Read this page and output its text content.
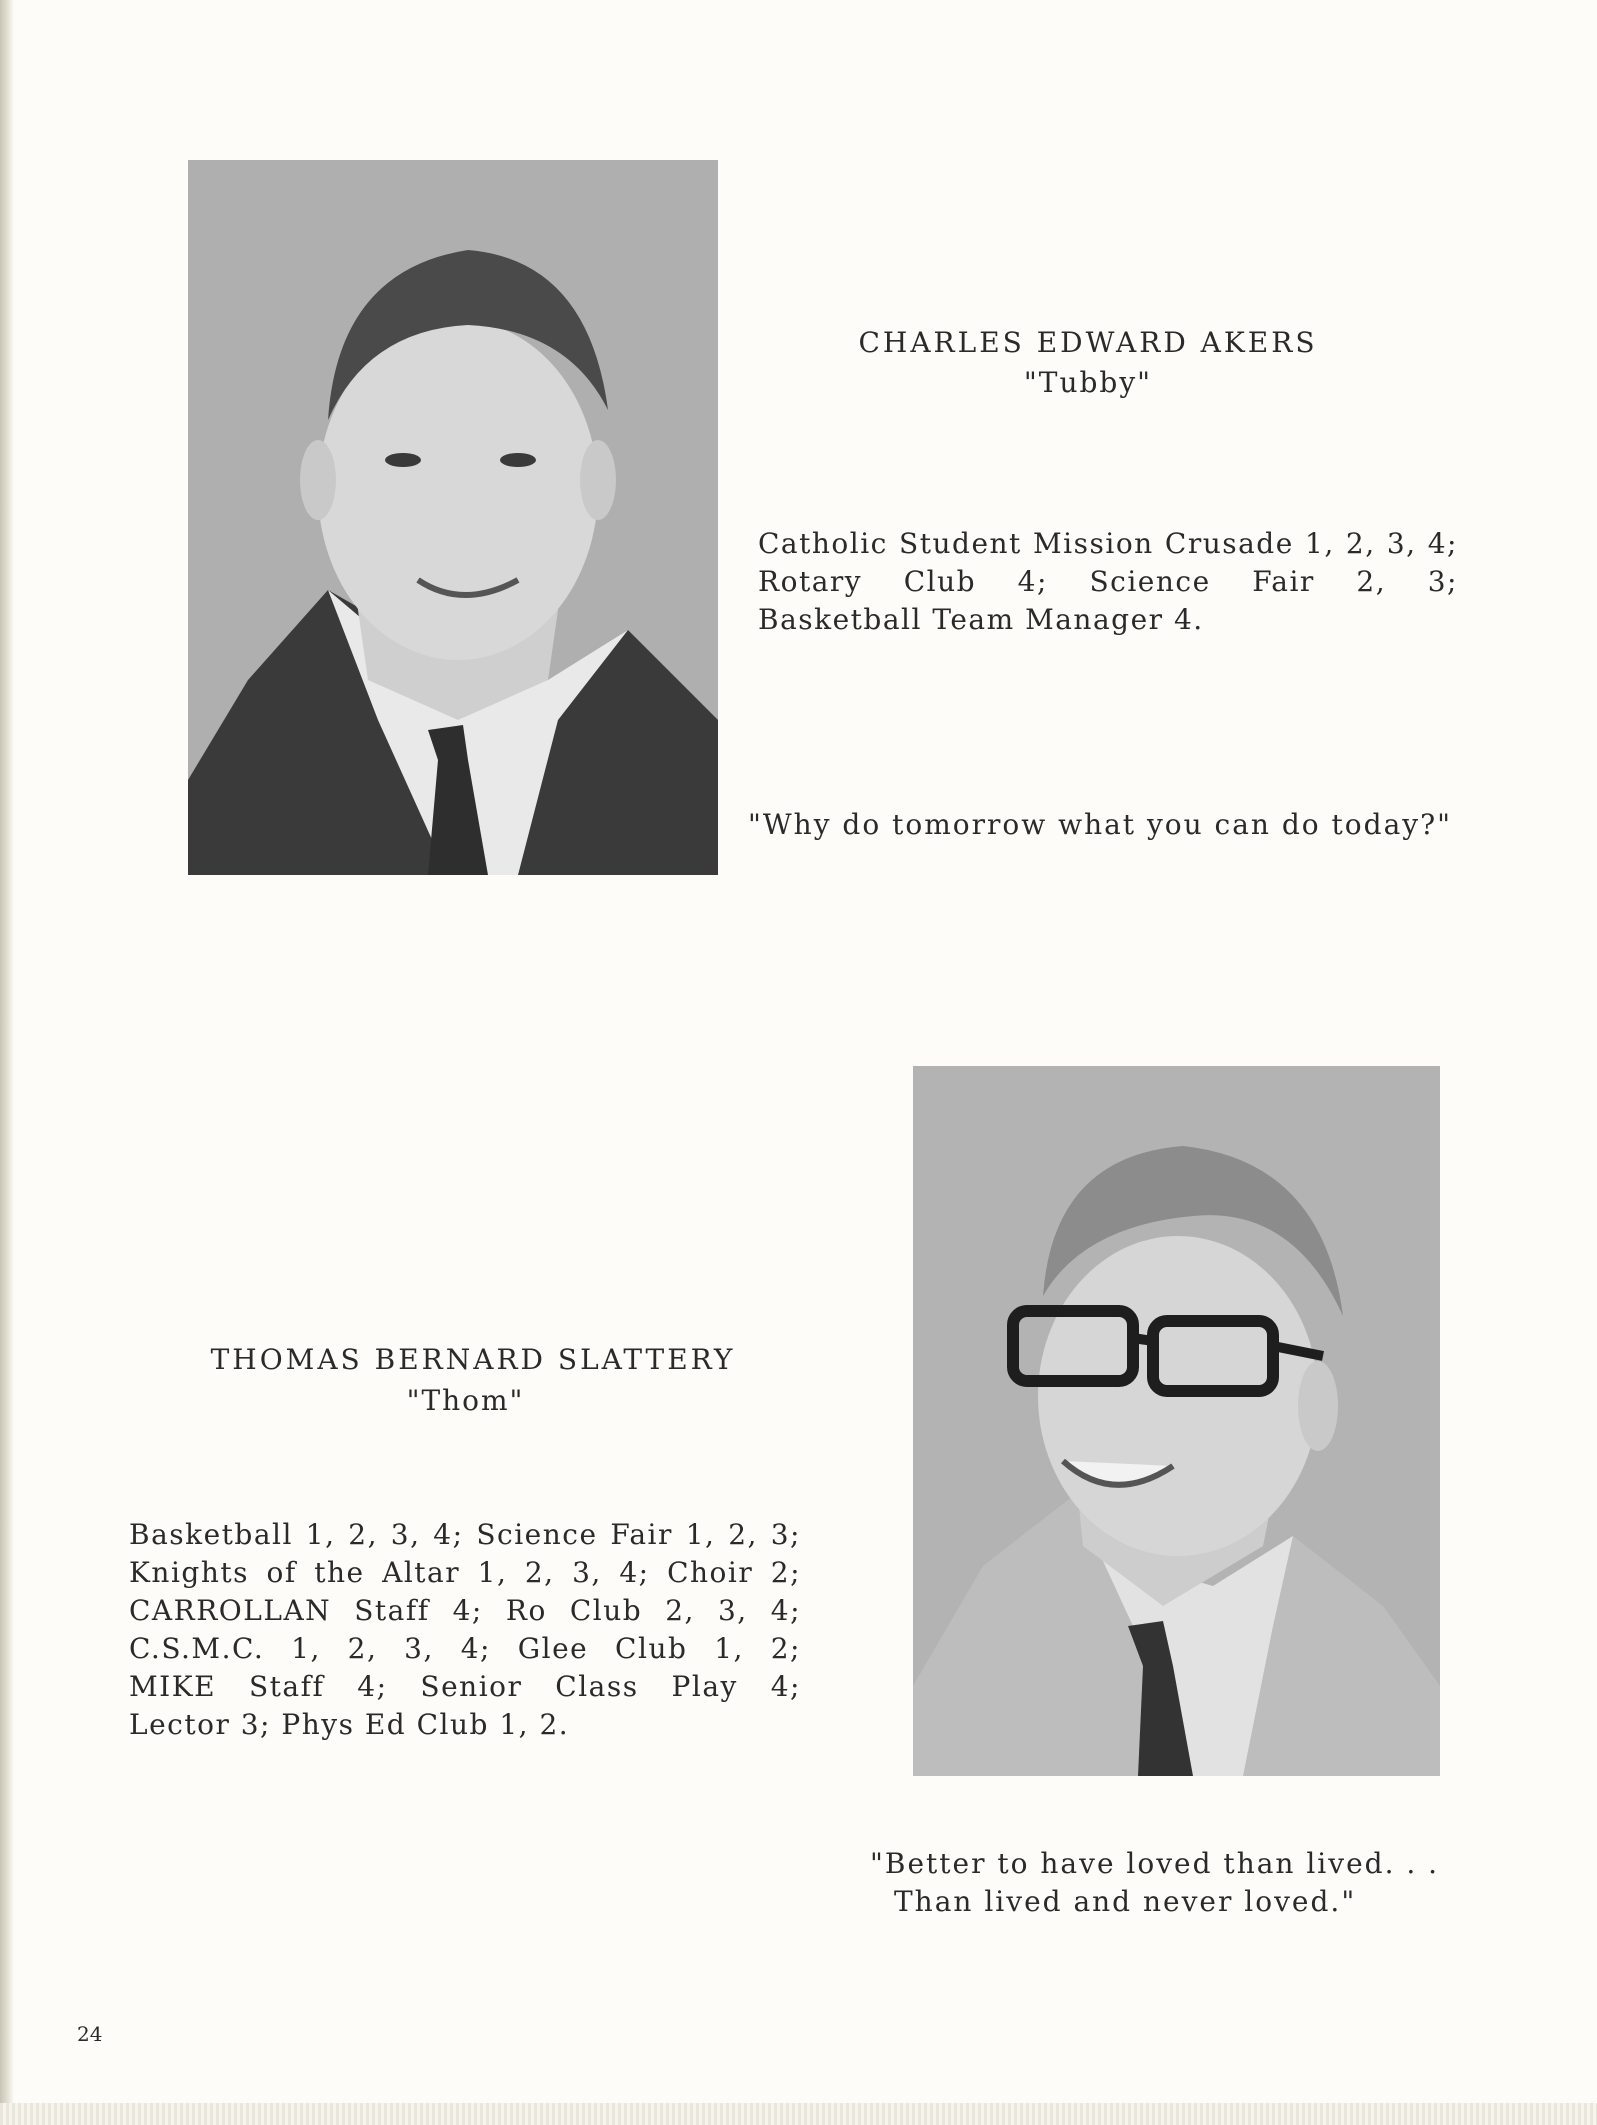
CHARLES EDWARD AKERS
"Tubby"
Catholic Student Mission Crusade 1, 2, 3, 4;
Rotary Club 4; Science Fair 2, 3;
Basketball Team Manager 4.
"Why do tomorrow what you can do today?"
THOMAS BERNARD SLATTERY
"Thom"
Basketball 1, 2, 3, 4; Science Fair 1, 2, 3;
Knights of the Altar 1, 2, 3, 4; Choir 2;
CARROLLAN Staff 4; Ro Club 2, 3, 4;
C.S.M.C. 1, 2, 3, 4; Glee Club 1, 2;
MIKE Staff 4; Senior Class Play 4;
Lector 3; Phys Ed Club 1, 2.
"Better to have loved than lived. . .
Than lived and never loved."
24
